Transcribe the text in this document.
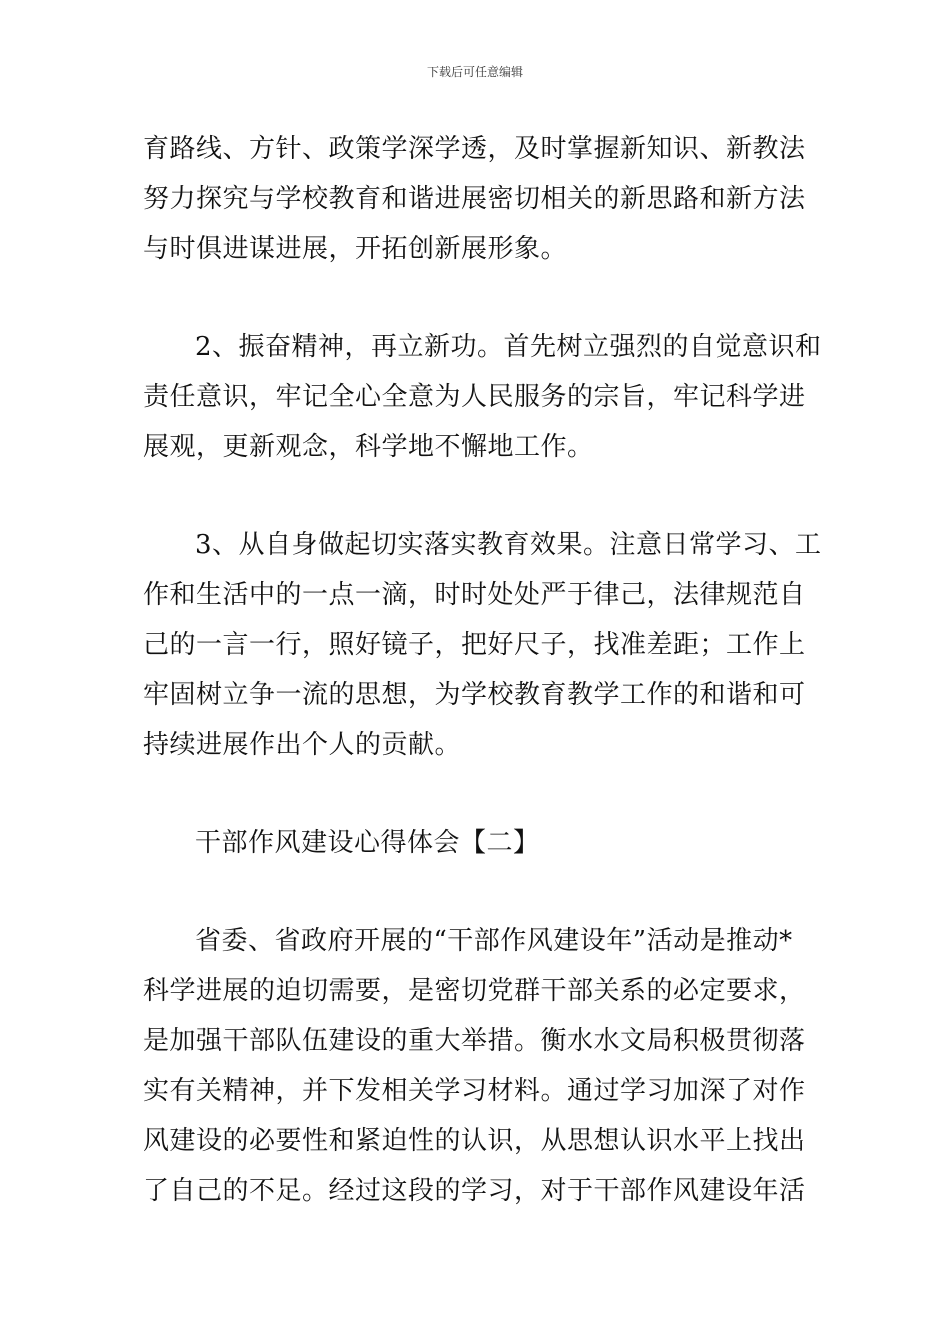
下载后可任意编辑
育路线、方针、政策学深学透，及时掌握新知识、新教法
努力探究与学校教育和谐进展密切相关的新思路和新方法
与时俱进谋进展，开拓创新展形象。
2、振奋精神，再立新功。首先树立强烈的自觉意识和
责任意识，牢记全心全意为人民服务的宗旨，牢记科学进
展观，更新观念，科学地不懈地工作。
3、从自身做起切实落实教育效果。注意日常学习、工
作和生活中的一点一滴，时时处处严于律己，法律规范自
己的一言一行，照好镜子，把好尺子，找准差距；工作上
牢固树立争一流的思想，为学校教育教学工作的和谐和可
持续进展作出个人的贡献。
干部作风建设心得体会【二】
省委、省政府开展的“干部作风建设年”活动是推动*
科学进展的迫切需要，是密切党群干部关系的必定要求，
是加强干部队伍建设的重大举措。衡水水文局积极贯彻落
实有关精神，并下发相关学习材料。通过学习加深了对作
风建设的必要性和紧迫性的认识，从思想认识水平上找出
了自己的不足。经过这段的学习，对于干部作风建设年活
